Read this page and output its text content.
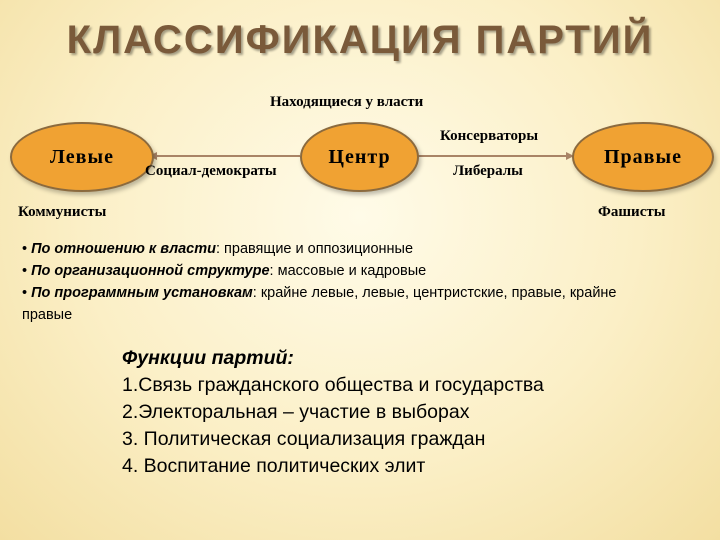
КЛАССИФИКАЦИЯ ПАРТИЙ
Находящиеся у власти
Левые	Центр	Правые
Социал-демократы
Консерваторы
Либералы
Коммунисты	Фашисты

• По отношению к власти: правящие и оппозиционные

• По организационной структуре: массовые и кадровые

• По программным установкам: крайне левые, левые, центристские, правые, крайне правые

Функции партий:
1.Связь гражданского общества и государства
2.Электоральная – участие в выборах
3. Политическая социализация граждан
4. Воспитание политических элит
